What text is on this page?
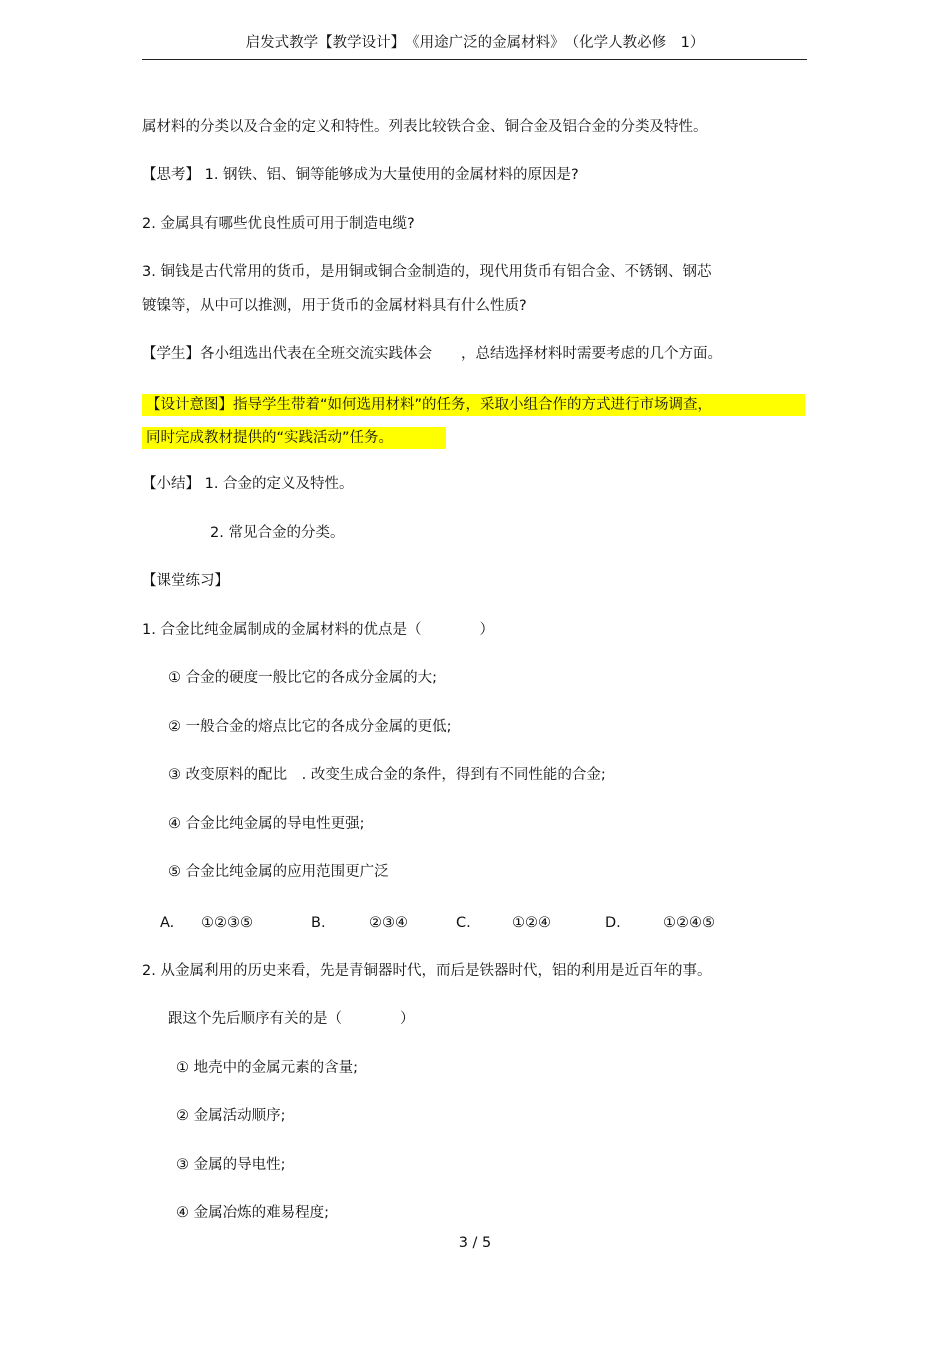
启发式教学【教学设计】　《用途广泛的金属材料》　（化学人教必修　1）
属材料的分类以及合金的定义和特性。列表比较铁合金、铜合金及铝合金的分类及特性。
【思考】 1. 钢铁、铝、铜等能够成为大量使用的金属材料的原因是?
2. 金属具有哪些优良性质可用于制造电缆?
3. 铜钱是古代常用的货币，是用铜或铜合金制造的，现代用货币有铝合金、不锈钢、钢芯
镀镍等，从中可以推测，用于货币的金属材料具有什么性质?
【学生】各小组选出代表在全班交流实践体会　　，总结选择材料时需要考虑的几个方面。
【设计意图】指导学生带着“如何选用材料”的任务，采取小组合作的方式进行市场调查，
同时完成教材提供的“实践活动”任务。
【小结】 1. 合金的定义及特性。
2. 常见合金的分类。
【课堂练习】
1. 合金比纯金属制成的金属材料的优点是（　　　　）
① 合金的硬度一般比它的各成分金属的大;
② 一般合金的熔点比它的各成分金属的更低;
③ 改变原料的配比　. 改变生成合金的条件，得到有不同性能的合金;
④ 合金比纯金属的导电性更强;
⑤ 合金比纯金属的应用范围更广泛
A. ①②③⑤	B.	②③④	C.	①②④	D.	①②④⑤
2. 从金属利用的历史来看，先是青铜器时代，而后是铁器时代，铝的利用是近百年的事。
跟这个先后顺序有关的是（　　　　）
① 地壳中的金属元素的含量;
② 金属活动顺序;
③ 金属的导电性;
④ 金属冶炼的难易程度;
3 / 5
